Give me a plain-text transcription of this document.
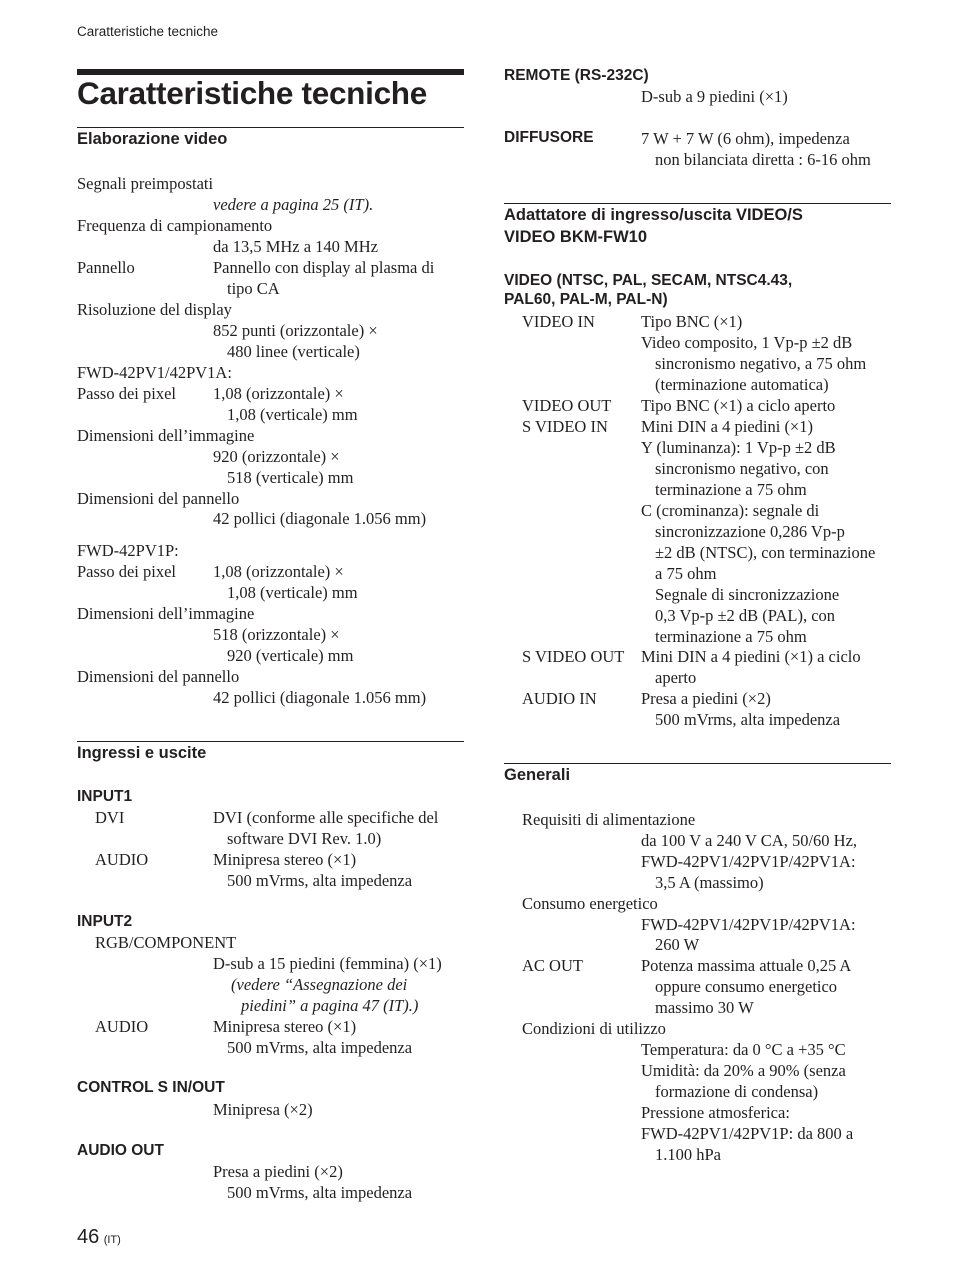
Caratteristiche tecniche
Caratteristiche tecniche
Elaborazione video
Segnali preimpostati
vedere a pagina 25 (IT).
Frequenza di campionamento
da 13,5 MHz a 140 MHz
Pannello	Pannello con display al plasma di
tipo CA
Risoluzione del display
852 punti (orizzontale) ×
480 linee (verticale)
FWD-42PV1/42PV1A:
Passo dei pixel 1,08 (orizzontale) ×
1,08 (verticale) mm
Dimensioni dell’immagine
920 (orizzontale) ×
518 (verticale) mm
Dimensioni del pannello
42 pollici (diagonale 1.056 mm)
FWD-42PV1P:
Passo dei pixel 1,08 (orizzontale) ×
1,08 (verticale) mm
Dimensioni dell’immagine
518 (orizzontale) ×
920 (verticale) mm
Dimensioni del pannello
42 pollici (diagonale 1.056 mm)
Ingressi e uscite
INPUT1
DVI	DVI (conforme alle specifiche del
software DVI Rev. 1.0)
AUDIO	Minipresa stereo (×1)
500 mVrms, alta impedenza
INPUT2
RGB/COMPONENT
D-sub a 15 piedini (femmina) (×1)
(vedere “Assegnazione dei
piedini” a pagina 47 (IT).)
AUDIO	Minipresa stereo (×1)
500 mVrms, alta impedenza
CONTROL S IN/OUT
Minipresa (×2)
AUDIO OUT
Presa a piedini (×2)
500 mVrms, alta impedenza
REMOTE (RS-232C)
D-sub a 9 piedini (×1)
DIFFUSORE	7 W + 7 W (6 ohm), impedenza
non bilanciata diretta : 6-16 ohm
Adattatore di ingresso/uscita VIDEO/S
VIDEO BKM-FW10
VIDEO (NTSC, PAL, SECAM, NTSC4.43,
PAL60, PAL-M, PAL-N)
VIDEO IN	Tipo BNC (×1)
Video composito, 1 Vp-p ±2 dB
sincronismo negativo, a 75 ohm
(terminazione automatica)
VIDEO OUT Tipo BNC (×1) a ciclo aperto
S VIDEO IN Mini DIN a 4 piedini (×1)
Y (luminanza): 1 Vp-p ±2 dB
sincronismo negativo, con
terminazione a 75 ohm
C (crominanza): segnale di
sincronizzazione 0,286 Vp-p
±2 dB (NTSC), con terminazione
a 75 ohm
Segnale di sincronizzazione
0,3 Vp-p ±2 dB (PAL), con
terminazione a 75 ohm
S VIDEO OUT Mini DIN a 4 piedini (×1) a ciclo
aperto
AUDIO IN	Presa a piedini (×2)
500 mVrms, alta impedenza
Generali
Requisiti di alimentazione
da 100 V a 240 V CA, 50/60 Hz,
FWD-42PV1/42PV1P/42PV1A:
3,5 A (massimo)
Consumo energetico
FWD-42PV1/42PV1P/42PV1A:
260 W
AC OUT	Potenza massima attuale 0,25 A
oppure consumo energetico
massimo 30 W
Condizioni di utilizzo
Temperatura: da 0 °C a +35 °C
Umidità: da 20% a 90% (senza
formazione di condensa)
Pressione atmosferica:
FWD-42PV1/42PV1P: da 800 a
1.100 hPa
46 (IT)
